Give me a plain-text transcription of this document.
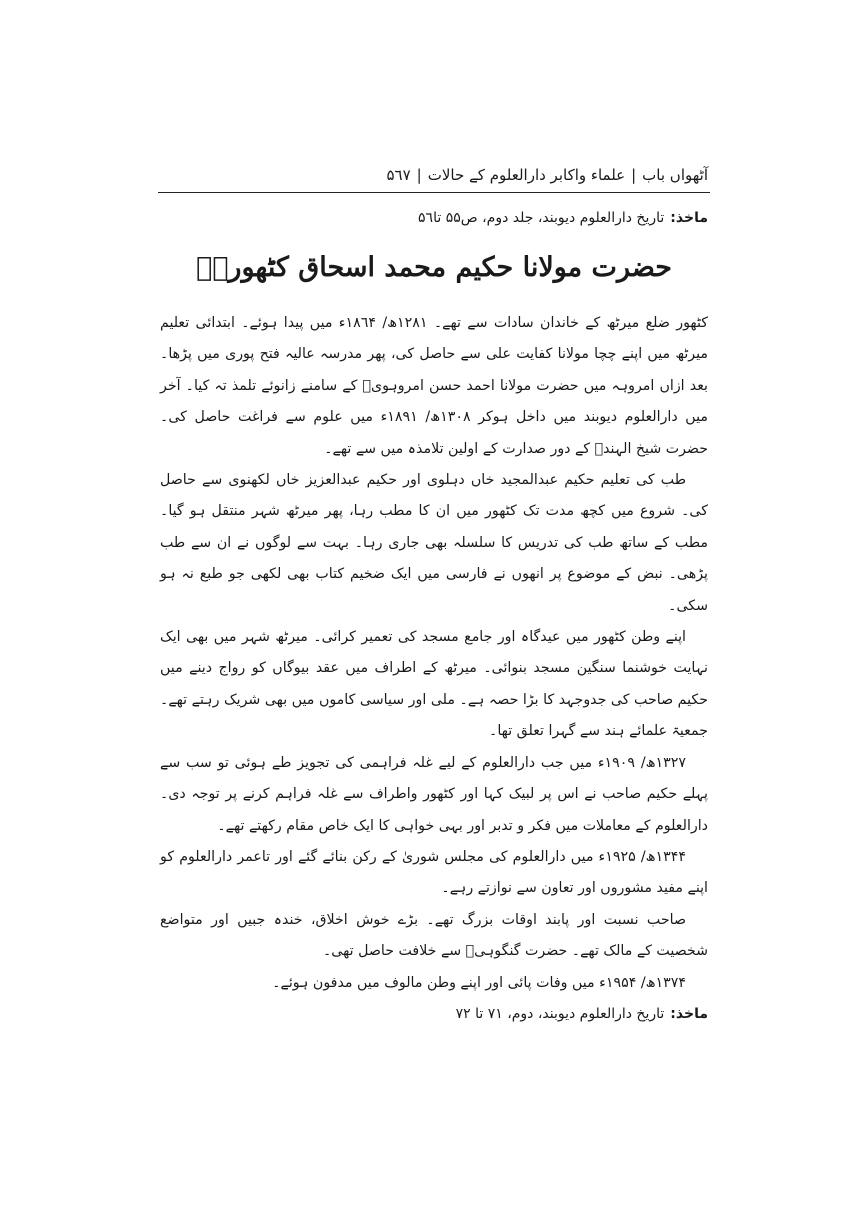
آٹھواں باب
|
علماء واکابر دارالعلوم کے حالات
|
۵٦٧
ماخذ:تاریخ دارالعلوم دیوبند، جلد دوم، ص۵۵ تا۵٦
حضرت مولانا حکیم محمد اسحاق کٹھوریؒ

کٹھور ضلع میرٹھ کے خاندان سادات سے تھے۔ ۱۲۸۱ھ/ ۱۸٦۴ء میں پیدا ہوئے۔ ابتدائی تعلیم میرٹھ میں اپنے چچا مولانا کفایت علی سے حاصل کی، پھر مدرسہ عالیہ فتح پوری میں پڑھا۔ بعد ازاں امروہہ میں حضرت مولانا احمد حسن امروہویؒ کے سامنے زانوئے تلمذ تہ کیا۔ آخر میں دارالعلوم دیوبند میں داخل ہوکر ۱۳۰۸ھ/ ۱۸۹۱ء میں علوم سے فراغت حاصل کی۔ حضرت شیخ الہندؒ کے دور صدارت کے اولین تلامذہ میں سے تھے۔

طب کی تعلیم حکیم عبدالمجید خاں دہلوی اور حکیم عبدالعزیز خاں لکھنوی سے حاصل کی۔ شروع میں کچھ مدت تک کٹھور میں ان کا مطب رہا، پھر میرٹھ شہر منتقل ہو گیا۔ مطب کے ساتھ طب کی تدریس کا سلسلہ بھی جاری رہا۔ بہت سے لوگوں نے ان سے طب پڑھی۔ نبض کے موضوع پر انھوں نے فارسی میں ایک ضخیم کتاب بھی لکھی جو طبع نہ ہو سکی۔

اپنے وطن کٹھور میں عیدگاہ اور جامع مسجد کی تعمیر کرائی۔ میرٹھ شہر میں بھی ایک نہایت خوشنما سنگین مسجد بنوائی۔ میرٹھ کے اطراف میں عقد بیوگاں کو رواج دینے میں حکیم صاحب کی جدوجہد کا بڑا حصہ ہے۔ ملی اور سیاسی کاموں میں بھی شریک رہتے تھے۔ جمعیۃ علمائے ہند سے گہرا تعلق تھا۔

۱۳۲۷ھ/ ۱۹۰۹ء میں جب دارالعلوم کے لیے غلہ فراہمی کی تجویز طے ہوئی تو سب سے پہلے حکیم صاحب نے اس پر لبیک کہا اور کٹھور واطراف سے غلہ فراہم کرنے پر توجہ دی۔ دارالعلوم کے معاملات میں فکر و تدبر اور بہی خواہی کا ایک خاص مقام رکھتے تھے۔

۱۳۴۴ھ/ ۱۹۲۵ء میں دارالعلوم کی مجلس شوریٰ کے رکن بنائے گئے اور تاعمر دارالعلوم کو اپنے مفید مشوروں اور تعاون سے نوازتے رہے۔

صاحب نسبت اور پابند اوقات بزرگ تھے۔ بڑے خوش اخلاق، خندہ جبیں اور متواضع شخصیت کے مالک تھے۔ حضرت گنگوہیؒ سے خلافت حاصل تھی۔

۱۳۷۴ھ/ ۱۹۵۴ء میں وفات پائی اور اپنے وطن مالوف میں مدفون ہوئے۔

ماخذ:تاریخ دارالعلوم دیوبند، دوم، ۷۱ تا ۷۲
